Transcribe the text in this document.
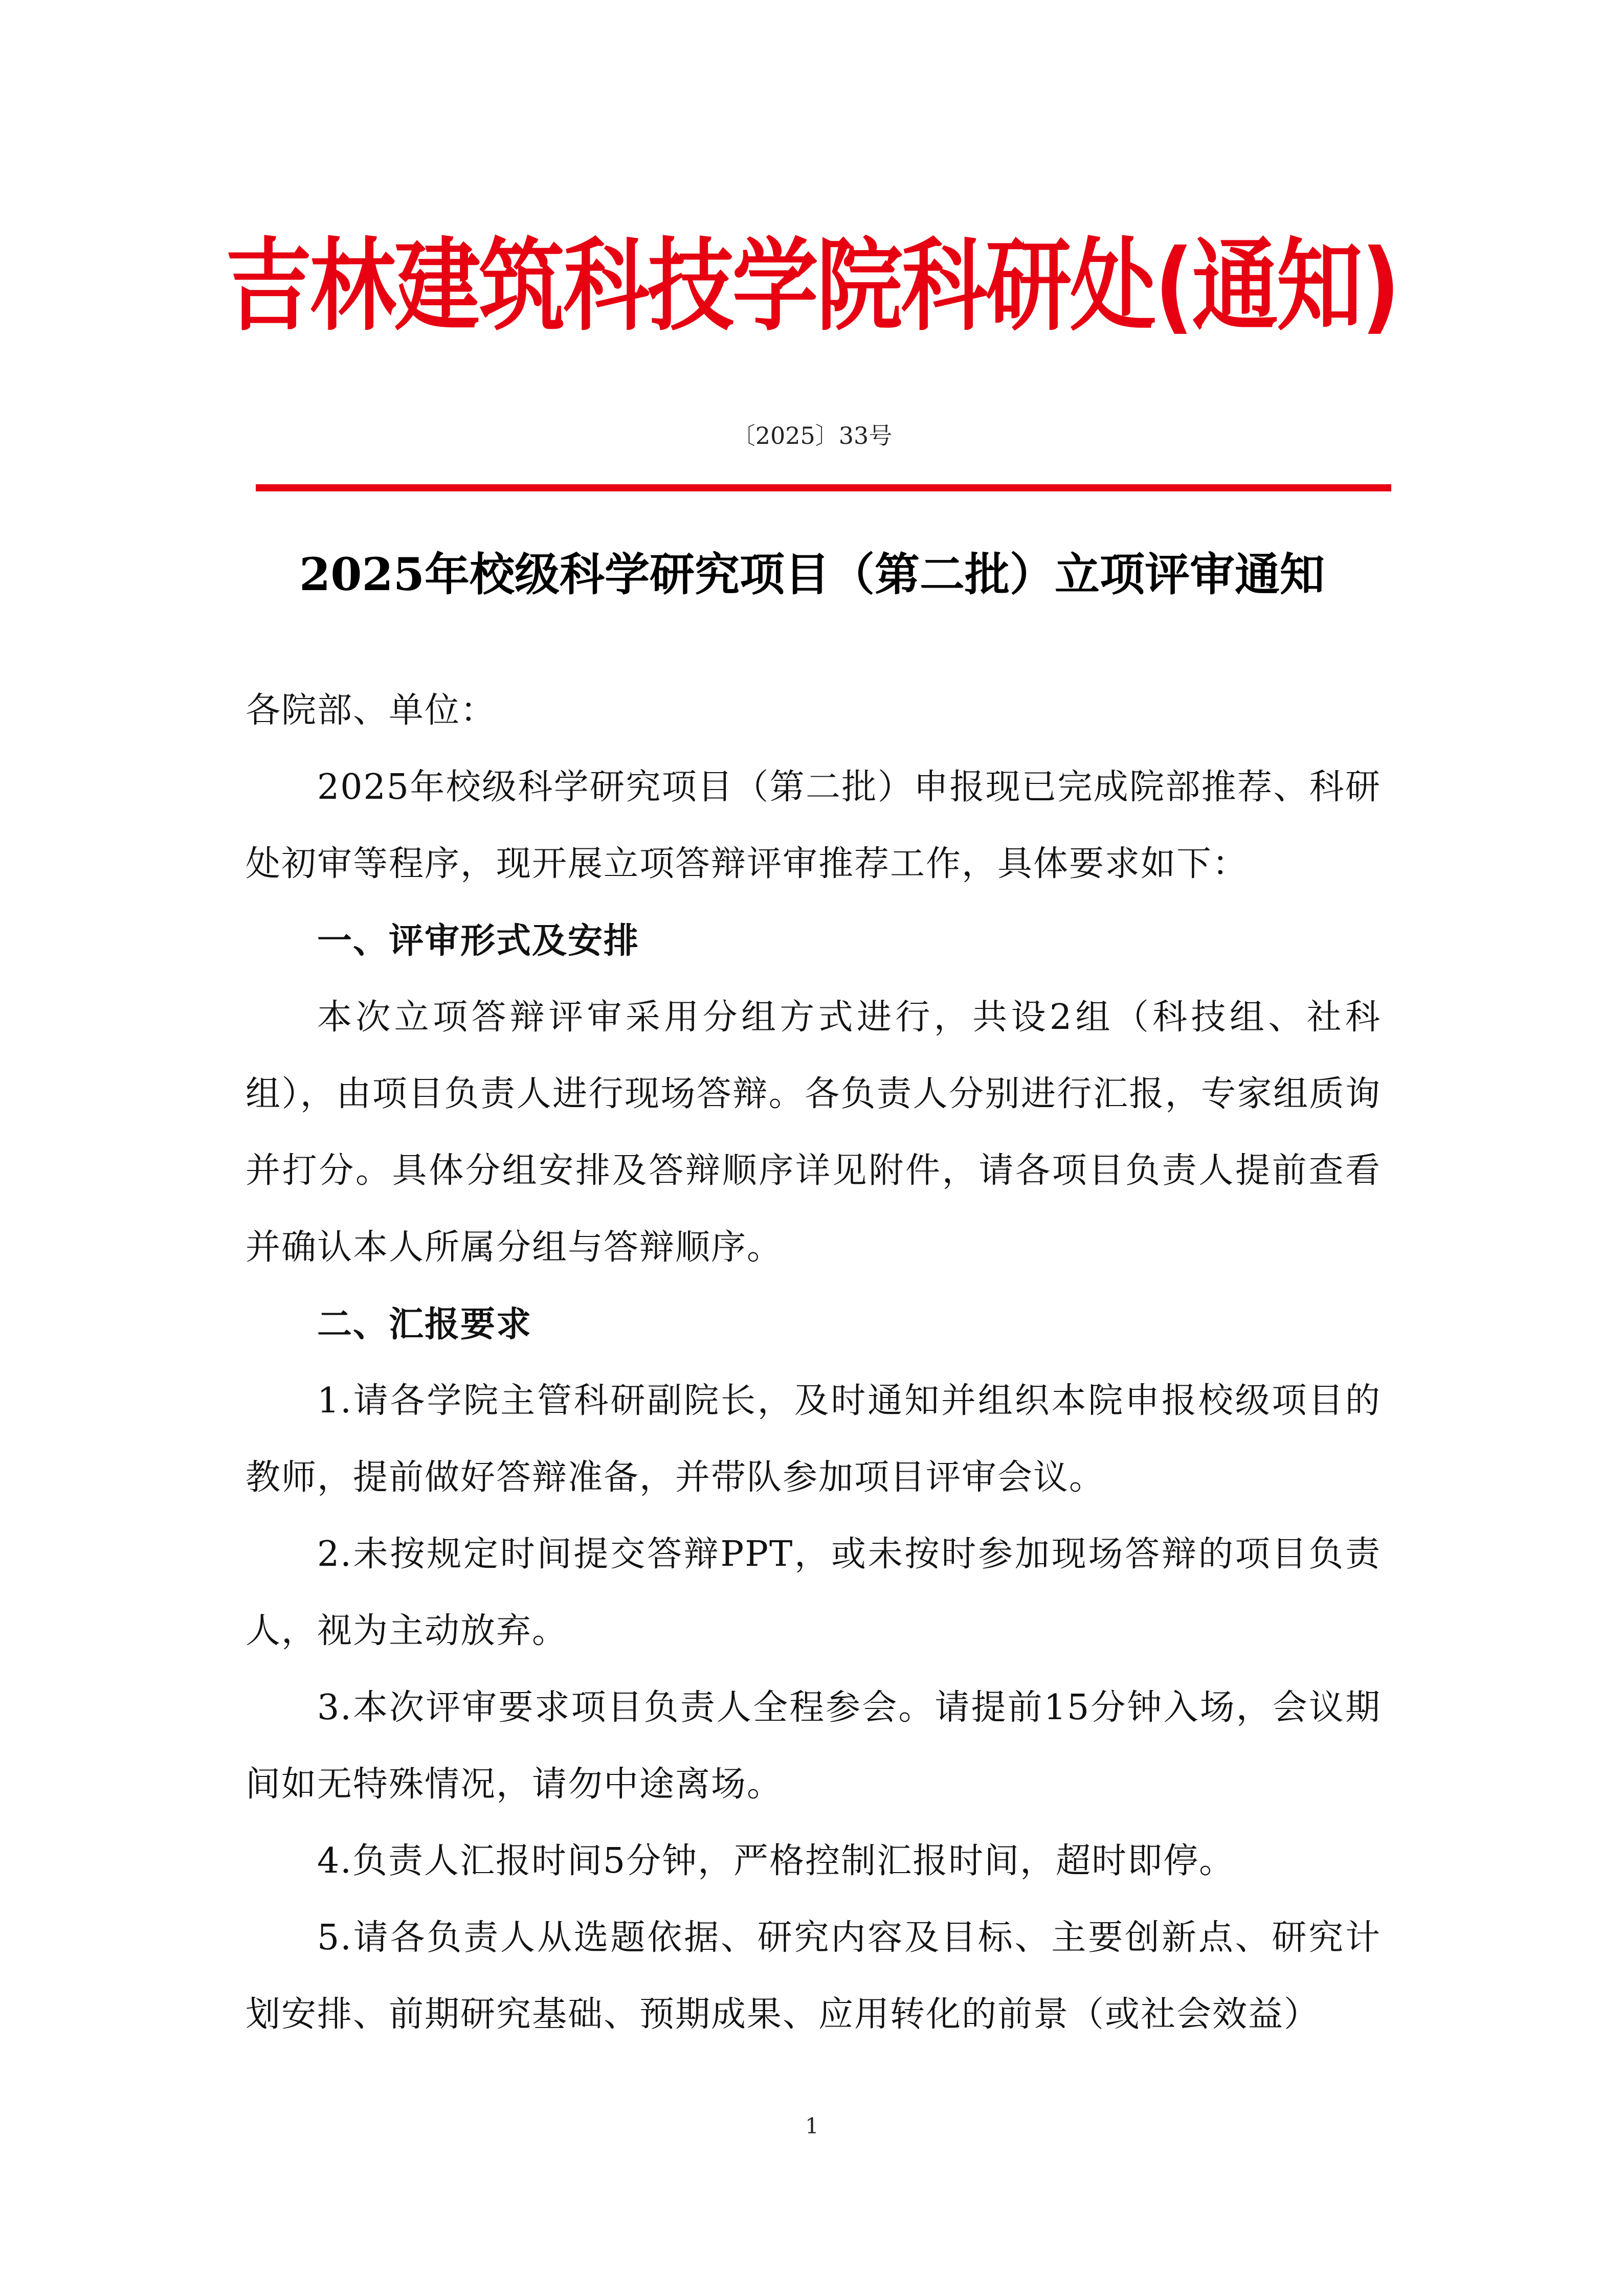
吉林建筑科技学院科研处(通知)
〔2025〕33号
2025年校级科学研究项目（第二批）立项评审通知

各院部、单位：

2025年校级科学研究项目（第二批）申报现已完成院部推荐、科研处初审等程序，现开展立项答辩评审推荐工作，具体要求如下：

一、评审形式及安排

本次立项答辩评审采用分组方式进行，共设2组（科技组、社科组），由项目负责人进行现场答辩。各负责人分别进行汇报，专家组质询并打分。具体分组安排及答辩顺序详见附件，请各项目负责人提前查看并确认本人所属分组与答辩顺序。

二、汇报要求

1.请各学院主管科研副院长，及时通知并组织本院申报校级项目的教师，提前做好答辩准备，并带队参加项目评审会议。

2.未按规定时间提交答辩PPT，或未按时参加现场答辩的项目负责人，视为主动放弃。

3.本次评审要求项目负责人全程参会。请提前15分钟入场，会议期间如无特殊情况，请勿中途离场。

4.负责人汇报时间5分钟，严格控制汇报时间，超时即停。

5.请各负责人从选题依据、研究内容及目标、主要创新点、研究计划安排、前期研究基础、预期成果、应用转化的前景（或社会效益）

1
